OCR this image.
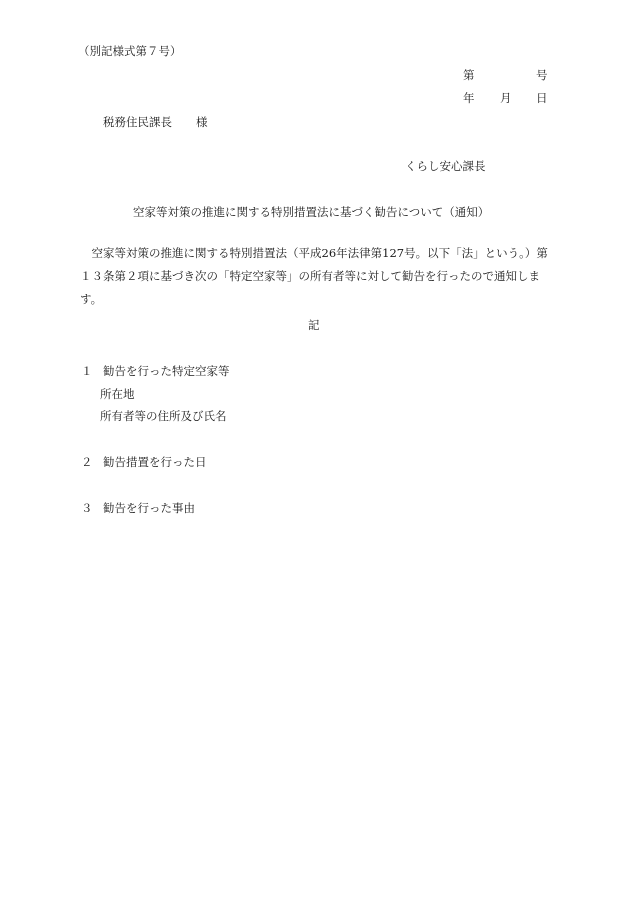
（別記様式第７号）
第	号
年 月 日
税務住民課長 様
くらし安心課長
空家等対策の推進に関する特別措置法に基づく勧告について（通知）
　空家等対策の推進に関する特別措置法（平成26年法律第127号。以下「法」という。）第
１３条第２項に基づき次の「特定空家等」の所有者等に対して勧告を行ったので通知しま
す。
記
１ 勧告を行った特定空家等
所在地
所有者等の住所及び氏名
２ 勧告措置を行った日
３ 勧告を行った事由
